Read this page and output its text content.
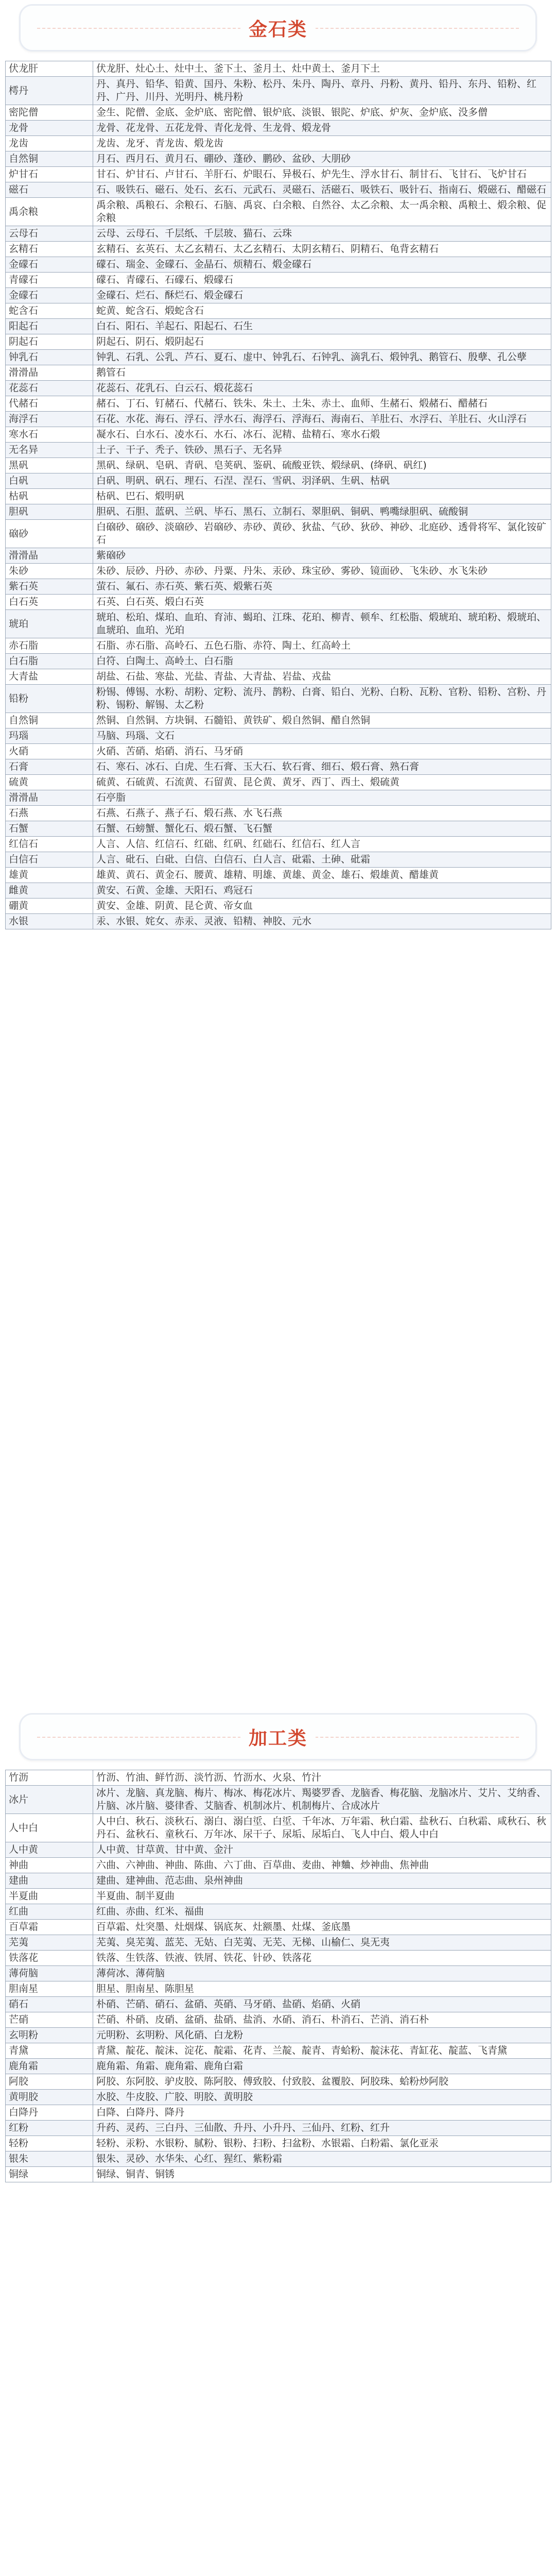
金石类
伏龙肝	伏龙肝、灶心土、灶中土、釜下土、釜月土、灶中黄土、釜月下土
樗丹	丹、真丹、铅华、铅黄、国丹、朱粉、松丹、朱丹、陶丹、章丹、丹粉、黄丹、铅丹、东丹、铅粉、红丹、广丹、川丹、光明丹、桃丹粉
密陀僧	金生、陀僧、金底、金炉底、密陀僧、银炉底、淡银、银陀、炉底、炉灰、金炉底、没多僧
龙骨	龙骨、花龙骨、五花龙骨、青化龙骨、生龙骨、煅龙骨
龙齿	龙齿、龙牙、青龙齿、煅龙齿
自然铜	月石、西月石、黄月石、硼砂、蓬砂、鹏砂、盆砂、大朋砂
炉甘石	甘石、炉甘石、卢甘石、羊肝石、炉眼石、异极石、炉先生、浮水甘石、制甘石、飞甘石、飞炉甘石
磁石	石、吸铁石、磁石、处石、玄石、元武石、灵磁石、活磁石、吸铁石、吸针石、指南石、煅磁石、醋磁石
禹余粮	禹余粮、禹粮石、余粮石、石脑、禹哀、白余粮、自然谷、太乙余粮、太一禹余粮、禹粮土、煅余粮、促余粮
云母石	云母、云母石、千层纸、千层玻、猫石、云珠
玄精石	玄精石、玄英石、太乙玄精石、太乙玄精石、太阴玄精石、阴精石、龟背玄精石
金礞石	礞石、瑞金、金礞石、金晶石、烦精石、煅金礞石
青礞石	礞石、青礞石、石礞石、煅礞石
金礞石	金礞石、烂石、酥烂石、煅金礞石
蛇含石	蛇黄、蛇含石、煅蛇含石
阳起石	白石、阳石、羊起石、阳起石、石生
阴起石	阴起石、阴石、煅阴起石
钟乳石	钟乳、石乳、公乳、芦石、夏石、虚中、钟乳石、石钟乳、滴乳石、煅钟乳、鹅管石、殷孽、孔公孽
滑滑晶	鹅管石
花蕊石	花蕊石、花乳石、白云石、煅花蕊石
代赭石	赭石、丁石、钉赭石、代赭石、铁朱、朱土、土朱、赤土、血师、生赭石、煅赭石、醋赭石
海浮石	石花、水花、海石、浮石、浮水石、海浮石、浮海石、海南石、羊肚石、水浮石、羊肚石、火山浮石
寒水石	凝水石、白水石、凌水石、水石、冰石、泥精、盐精石、寒水石煅
无名异	土子、干子、秃子、铁砂、黑石子、无名异
黑矾	黑矾、绿矾、皂矾、青矾、皂荚矾、鉴矾、硫酸亚铁、煅绿矾、(绛矾、矾红)
白矾	白矾、明矾、矾石、理石、石涅、涅石、雪矾、羽泽矾、生矾、枯矾
枯矾	枯矾、巴石、煅明矾
胆矾	胆矾、石胆、蓝矾、兰矾、毕石、黑石、立制石、翠胆矾、铜矾、鸭嘴绿胆矾、硫酸铜
硇砂	白硇砂、硇砂、淡硇砂、岩硇砂、赤砂、黄砂、狄盐、气砂、狄砂、神砂、北庭砂、透骨将军、氯化铵矿石
滑滑晶	紫硇砂
朱砂	朱砂、辰砂、丹砂、赤砂、丹粟、丹朱、汞砂、珠宝砂、雾砂、镜面砂、飞朱砂、水飞朱砂
紫石英	萤石、氟石、赤石英、紫石英、煅紫石英
白石英	石英、白石英、煅白石英
琥珀	琥珀、松珀、煤珀、血珀、育沛、蝎珀、江珠、花珀、柳青、顿牟、红松脂、煅琥珀、琥珀粉、煅琥珀、血琥珀、血珀、光珀
赤石脂	石脂、赤石脂、高岭石、五色石脂、赤符、陶土、红高岭土
白石脂	白符、白陶土、高岭土、白石脂
大青盐	胡盐、石盐、寒盐、光盐、青盐、大青盐、岩盐、戎盐
铅粉	粉锡、傅锡、水粉、胡粉、定粉、流丹、鹊粉、白膏、铅白、光粉、白粉、瓦粉、官粉、铅粉、宫粉、丹粉、锡粉、解锡、太乙粉
自然铜	然铜、自然铜、方块铜、石髓铅、黄铁矿、煅自然铜、醋自然铜
玛瑙	马脑、玛瑙、文石
火硝	火硝、苦硝、焰硝、消石、马牙硝
石膏	石、寒石、冰石、白虎、生石膏、玉大石、软石膏、细石、煅石膏、熟石膏
硫黄	硫黄、石硫黄、石流黄、石留黄、昆仑黄、黄牙、西丁、西土、煅硫黄
滑滑晶	石亭脂
石燕	石燕、石燕子、燕子石、煅石燕、水飞石燕
石蟹	石蟹、石螃蟹、蟹化石、煅石蟹、飞石蟹
红信石	人言、人信、红信石、红础、红矾、红础石、红信石、红人言
白信石	人言、砒石、白砒、白信、白信石、白人言、砒霜、土砷、砒霜
雄黄	雄黄、黄石、黄金石、腰黄、雄精、明雄、黄雄、黄金、雄石、煅雄黄、醋雄黄
雌黄	黄安、石黄、金雄、天阳石、鸡冠石
硼黄	黄安、金雄、阴黄、昆仑黄、帝女血
水银	汞、水银、姹女、赤汞、灵液、铅精、神胶、元水
加工类
竹沥	竹沥、竹油、鲜竹沥、淡竹沥、竹沥水、火泉、竹汁
冰片	冰片、龙脑、真龙脑、梅片、梅冰、梅花冰片、羯婆罗香、龙脑香、梅花脑、龙脑冰片、艾片、艾纳香、片脑、冰片脑、婆律香、艾脑香、机制冰片、机制梅片、合成冰片
人中白	人中白、秋石、淡秋石、溺白、溺白垽、白垽、千年冰、万年霜、秋白霜、盐秋石、白秋霜、咸秋石、秋丹石、盆秋石、童秋石、万年冰、尿干子、尿垢、尿垢白、飞人中白、煅人中白
人中黄	人中黄、甘草黄、甘中黄、金汁
神曲	六曲、六神曲、神曲、陈曲、六丁曲、百草曲、麦曲、神麯、炒神曲、焦神曲
建曲	建曲、建神曲、范志曲、泉州神曲
半夏曲	半夏曲、制半夏曲
红曲	红曲、赤曲、红米、福曲
百草霜	百草霜、灶突墨、灶烟煤、锅底灰、灶额墨、灶煤、釜底墨
芜荑	芜荑、臭芜荑、蓝芜、无姑、白芜荑、无芜、无梯、山榆仁、臭无夷
铁落花	铁落、生铁落、铁液、铁屑、铁花、针砂、铁落花
薄荷脑	薄荷冰、薄荷脑
胆南星	胆星、胆南星、陈胆星
硝石	朴硝、芒硝、硝石、盆硝、英硝、马牙硝、盐硝、焰硝、火硝
芒硝	芒硝、朴硝、皮硝、盆硝、盐硝、盐消、水硝、消石、朴消石、芒消、消石朴
玄明粉	元明粉、玄明粉、风化硝、白龙粉
青黛	青黛、靛花、靛沫、淀花、靛霜、花青、兰靛、靛青、青蛤粉、靛沫花、青缸花、靛蓝、飞青黛
鹿角霜	鹿角霜、角霜、鹿角霜、鹿角白霜
阿胶	阿胶、东阿胶、驴皮胶、陈阿胶、傅致胶、付致胶、盆覆胶、阿胶珠、蛤粉炒阿胶
黄明胶	水胶、牛皮胶、广胶、明胶、黄明胶
白降丹	白降、白降丹、降丹
红粉	升药、灵药、三白丹、三仙散、升丹、小升丹、三仙丹、红粉、红升
轻粉	轻粉、汞粉、水银粉、腻粉、银粉、扫粉、扫盆粉、水银霜、白粉霜、氯化亚汞
银朱	银朱、灵砂、水华朱、心红、猩红、紫粉霜
铜绿	铜绿、铜青、铜锈
